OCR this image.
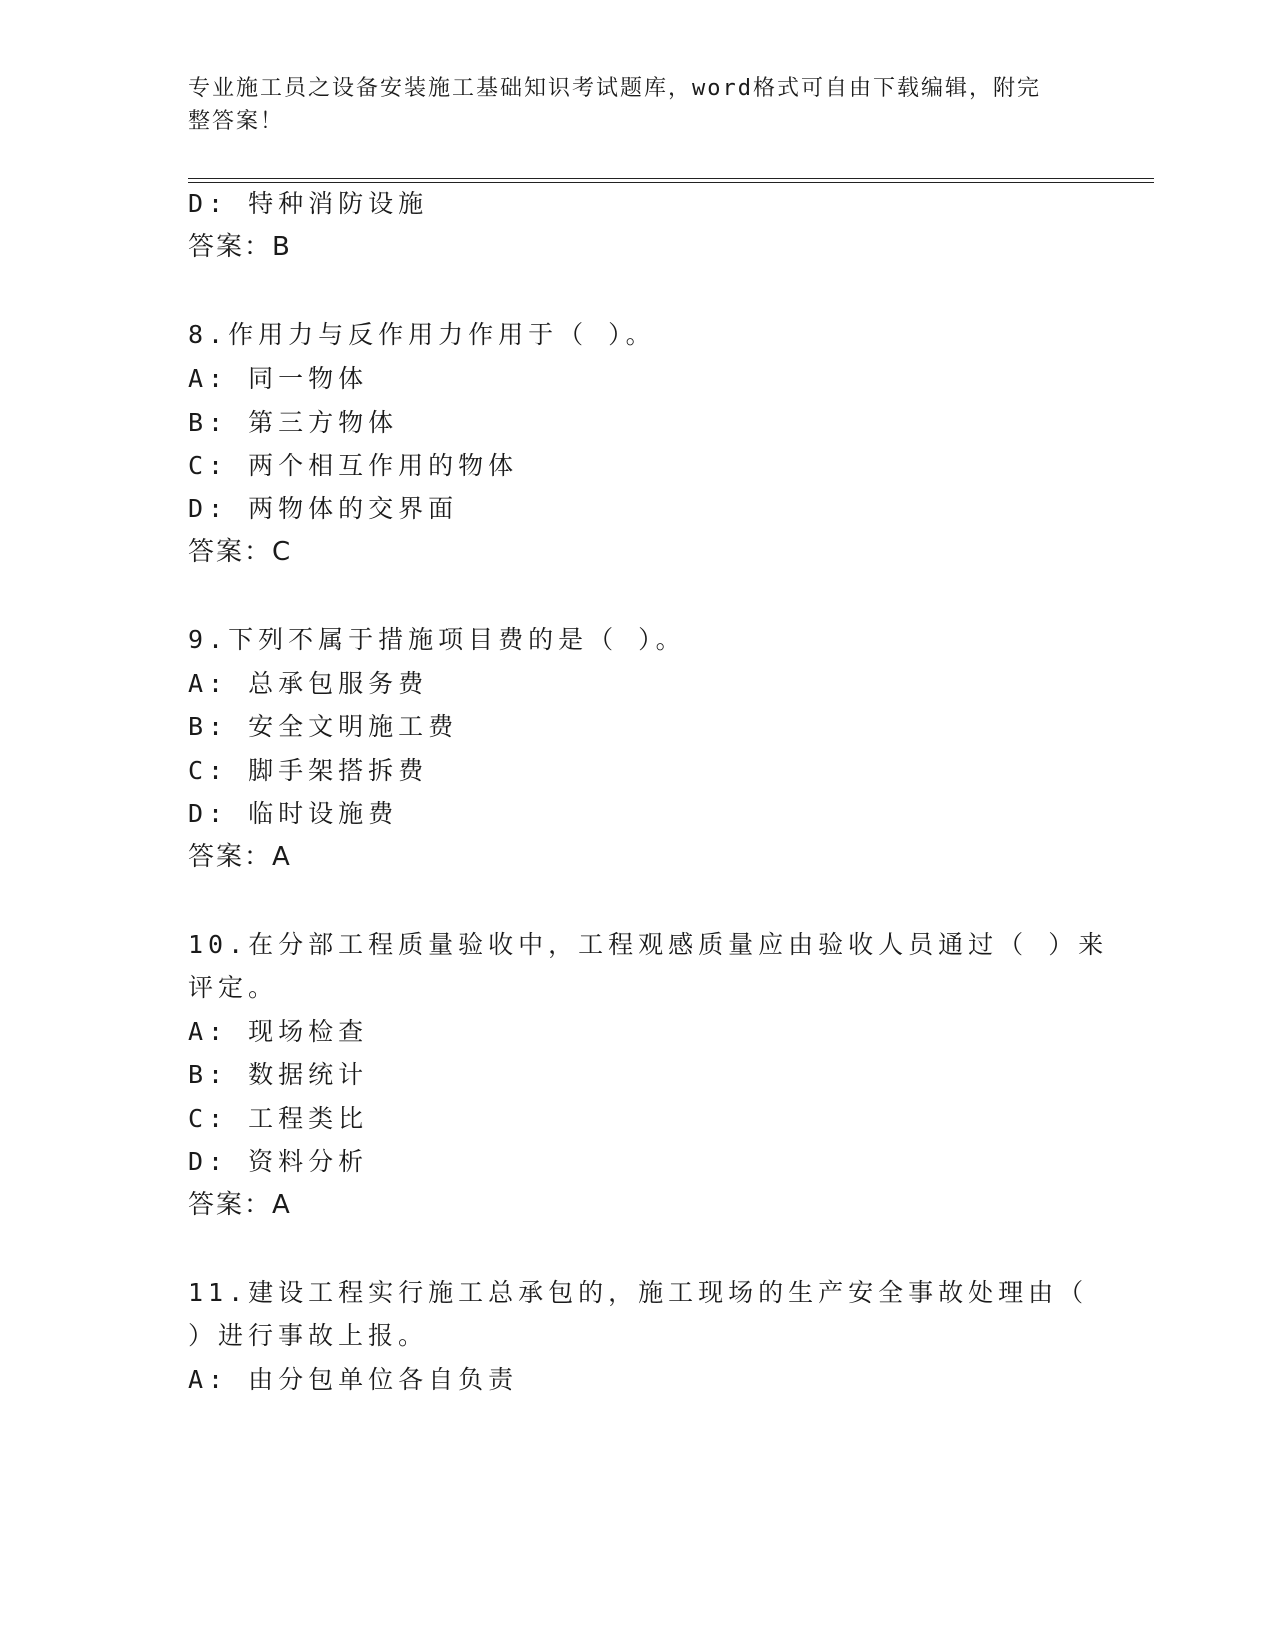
专业施工员之设备安装施工基础知识考试题库，word格式可自由下载编辑，附完
整答案！
D: 特种消防设施
答案：B
8.作用力与反作用力作用于（ ）。
A: 同一物体
B: 第三方物体
C: 两个相互作用的物体
D: 两物体的交界面
答案：C
9.下列不属于措施项目费的是（ ）。
A: 总承包服务费
B: 安全文明施工费
C: 脚手架搭拆费
D: 临时设施费
答案：A
10.在分部工程质量验收中，工程观感质量应由验收人员通过（ ）来
评定。
A: 现场检查
B: 数据统计
C: 工程类比
D: 资料分析
答案：A
11.建设工程实行施工总承包的，施工现场的生产安全事故处理由（
）进行事故上报。
A: 由分包单位各自负责
